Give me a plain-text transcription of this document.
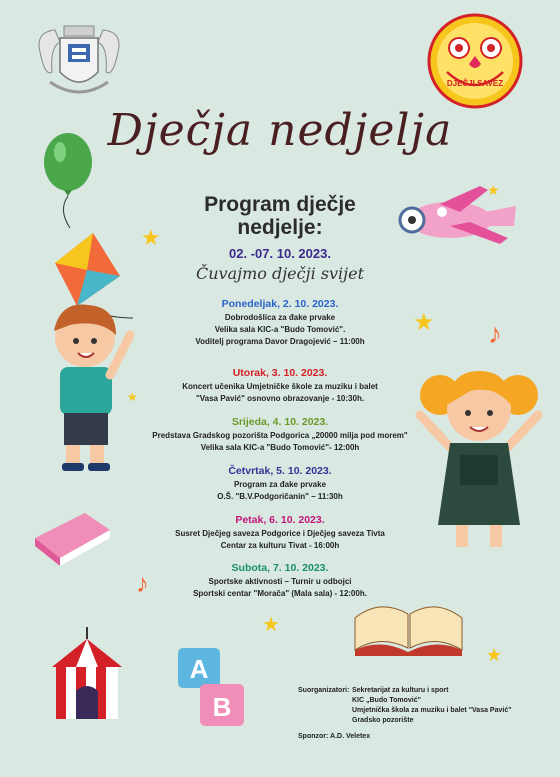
DJEČJI SAVEZ
A
B
★
★
★
★
★
★
♪
♪
Dječja nedjelja
Program dječje
nedjelje:
02. -07. 10. 2023.
Čuvajmo dječji svijet
Ponedeljak, 2. 10. 2023.
Dobrodošlica za đake prvake
Velika sala KIC-a "Budo Tomović".
Voditelj programa Davor Dragojević – 11:00h
Utorak, 3. 10. 2023.
Koncert učenika Umjetničke škole za muziku i balet
"Vasa Pavić" osnovno obrazovanje - 10:30h.
Srijeda, 4. 10. 2023.
Predstava Gradskog pozorišta Podgorica „20000 milja pod morem"
Velika sala KIC-a "Budo Tomović"- 12:00h
Četvrtak, 5. 10. 2023.
Program za đake prvake
O.Š. "B.V.Podgoričanin" – 11:30h
Petak, 6. 10. 2023.
Susret Dječjeg saveza Podgorice i Dječjeg saveza Tivta
Centar za kulturu Tivat - 16:00h
Subota, 7. 10. 2023.
Sportske aktivnosti – Turnir u odbojci
Sportski centar "Morača" (Mala sala) - 12:00h.
Suorganizatori: Sekretarijat za kulturu i sport
KIC „Budo Tomović"
Umjetnička škola za muziku i balet "Vasa Pavić"
Gradsko pozorište
Sponzor: A.D. Veletex
